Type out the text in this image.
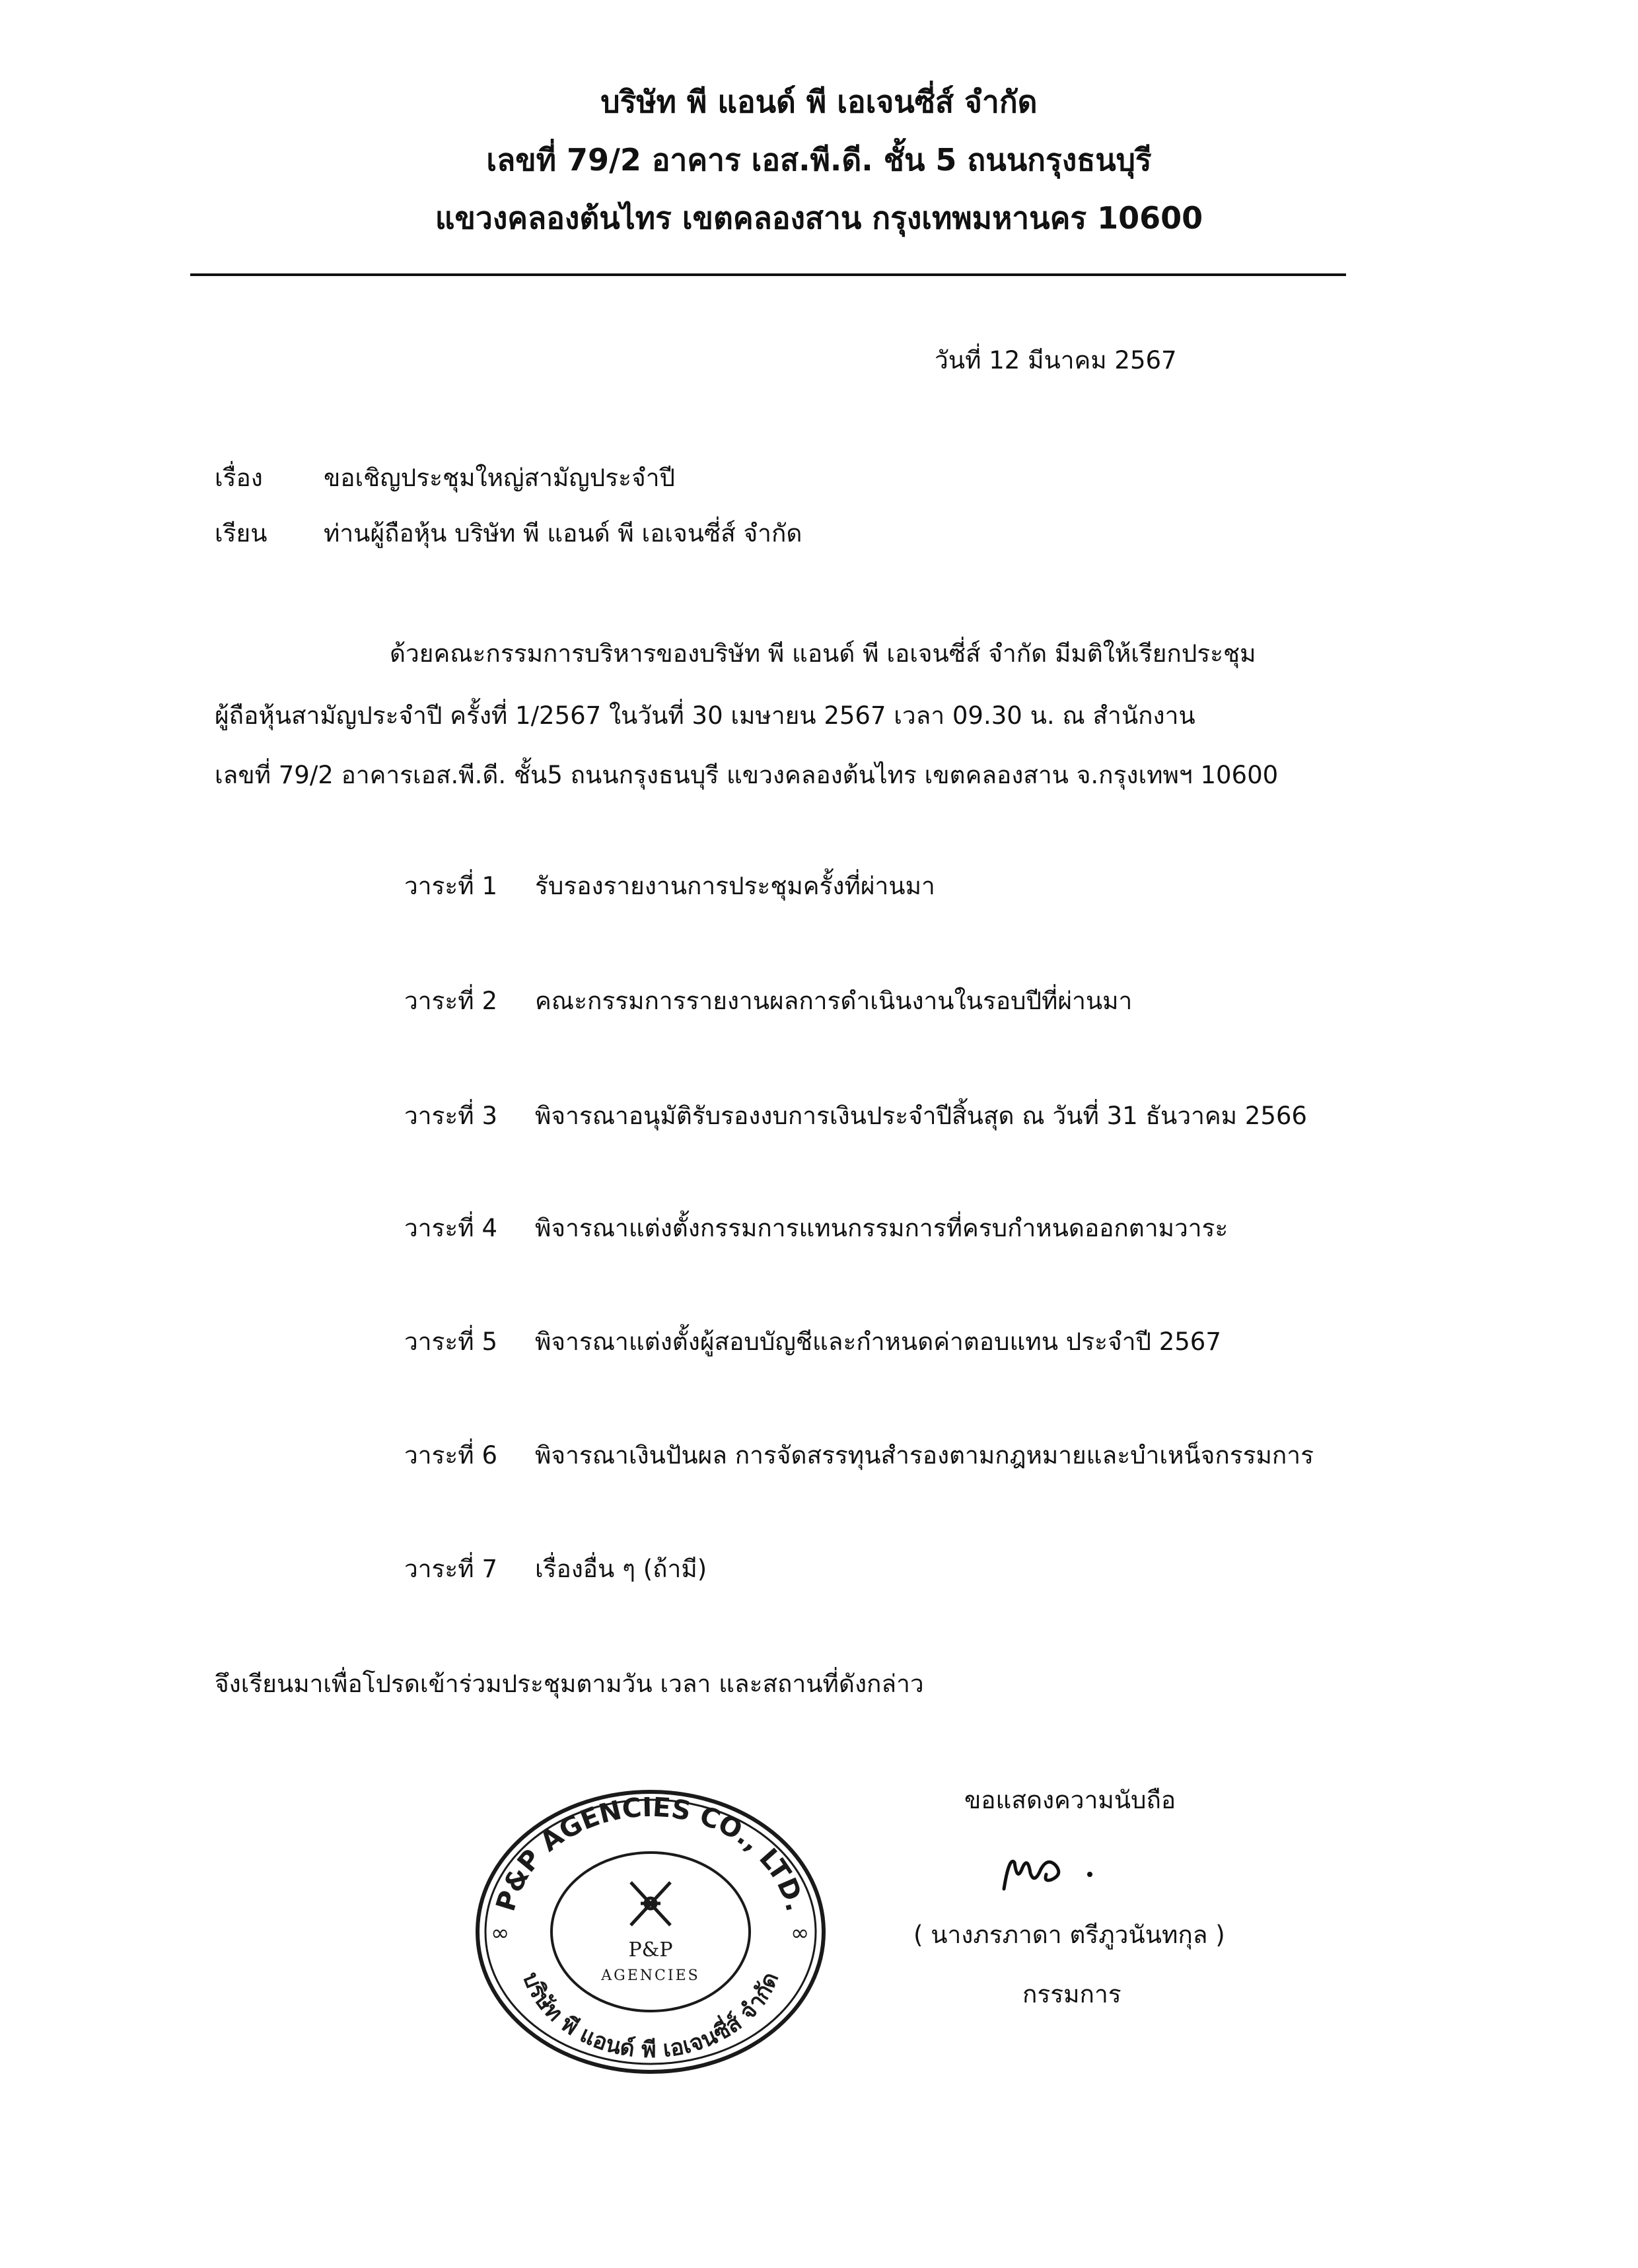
บริษัท พี แอนด์ พี เอเจนซี่ส์ จำกัด
เลขที่ 79/2 อาคาร เอส.พี.ดี. ชั้น 5 ถนนกรุงธนบุรี
แขวงคลองต้นไทร เขตคลองสาน กรุงเทพมหานคร 10600
วันที่ 12 มีนาคม 2567
เรื่อง ขอเชิญประชุมใหญ่สามัญประจำปี
เรียน ท่านผู้ถือหุ้น บริษัท พี แอนด์ พี เอเจนซี่ส์ จำกัด
ด้วยคณะกรรมการบริหารของบริษัท พี แอนด์ พี เอเจนซี่ส์ จำกัด มีมติให้เรียกประชุม
ผู้ถือหุ้นสามัญประจำปี ครั้งที่ 1/2567 ในวันที่ 30 เมษายน 2567 เวลา 09.30 น. ณ สำนักงาน
เลขที่ 79/2 อาคารเอส.พี.ดี. ชั้น5 ถนนกรุงธนบุรี แขวงคลองต้นไทร เขตคลองสาน จ.กรุงเทพฯ 10600
วาระที่ 1 รับรองรายงานการประชุมครั้งที่ผ่านมา
วาระที่ 2 คณะกรรมการรายงานผลการดำเนินงานในรอบปีที่ผ่านมา
วาระที่ 3 พิจารณาอนุมัติรับรองงบการเงินประจำปีสิ้นสุด ณ วันที่ 31 ธันวาคม 2566
วาระที่ 4 พิจารณาแต่งตั้งกรรมการแทนกรรมการที่ครบกำหนดออกตามวาระ
วาระที่ 5 พิจารณาแต่งตั้งผู้สอบบัญชีและกำหนดค่าตอบแทน ประจำปี 2567
วาระที่ 6 พิจารณาเงินปันผล การจัดสรรทุนสำรองตามกฎหมายและบำเหน็จกรรมการ
วาระที่ 7 เรื่องอื่น ๆ (ถ้ามี)
จึงเรียนมาเพื่อโปรดเข้าร่วมประชุมตามวัน เวลา และสถานที่ดังกล่าว
ขอแสดงความนับถือ
( นางภรภาดา ตรีภูวนันทกุล )
กรรมการ
P&P AGENCIES CO., LTD.
บริษัท พี แอนด์ พี เอเจนซี่ส์ จำกัด
∞	∞
P&P
AGENCIES
